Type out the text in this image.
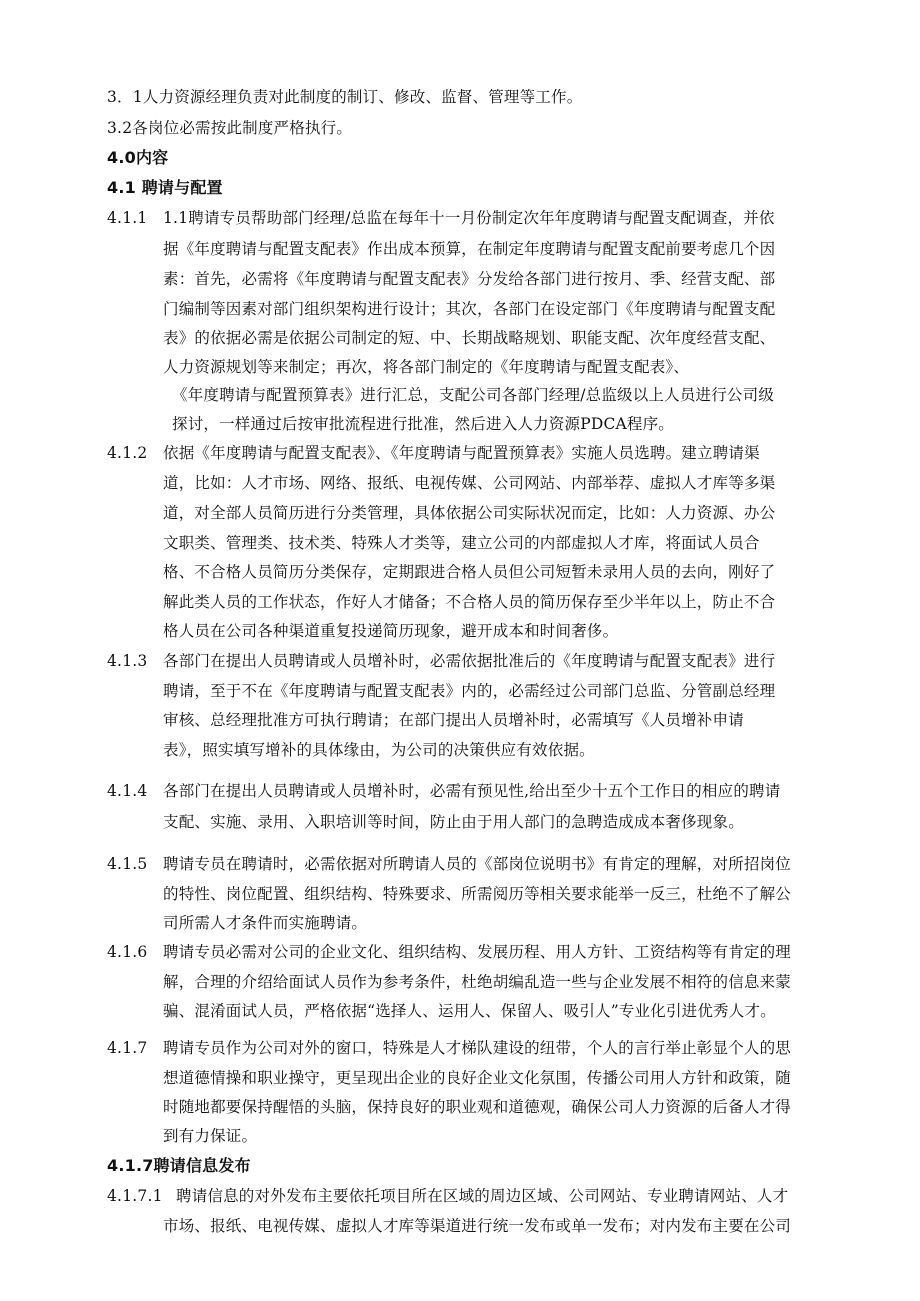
3．1人力资源经理负责对此制度的制订、修改、监督、管理等工作。
3.2各岗位必需按此制度严格执行。
4.0内容
4.1 聘请与配置
4.1.1 1.1聘请专员帮助部门经理/总监在每年十一月份制定次年年度聘请与配置支配调查，并依
据《年度聘请与配置支配表》作出成本预算，在制定年度聘请与配置支配前要考虑几个因
素：首先，必需将《年度聘请与配置支配表》分发给各部门进行按月、季、经营支配、部
门编制等因素对部门组织架构进行设计；其次，各部门在设定部门《年度聘请与配置支配
表》的依据必需是依据公司制定的短、中、长期战略规划、职能支配、次年度经营支配、
人力资源规划等来制定；再次，将各部门制定的《年度聘请与配置支配表》、
《年度聘请与配置预算表》进行汇总，支配公司各部门经理/总监级以上人员进行公司级
探讨，一样通过后按审批流程进行批准，然后进入人力资源PDCA程序。
4.1.2 依据《年度聘请与配置支配表》、《年度聘请与配置预算表》实施人员选聘。建立聘请渠
道，比如：人才市场、网络、报纸、电视传媒、公司网站、内部举荐、虚拟人才库等多渠
道，对全部人员简历进行分类管理，具体依据公司实际状况而定，比如：人力资源、办公
文职类、管理类、技术类、特殊人才类等，建立公司的内部虚拟人才库，将面试人员合
格、不合格人员简历分类保存，定期跟进合格人员但公司短暂未录用人员的去向，刚好了
解此类人员的工作状态，作好人才储备；不合格人员的简历保存至少半年以上，防止不合
格人员在公司各种渠道重复投递简历现象，避开成本和时间奢侈。
4.1.3 各部门在提出人员聘请或人员增补时，必需依据批准后的《年度聘请与配置支配表》进行
聘请，至于不在《年度聘请与配置支配表》内的，必需经过公司部门总监、分管副总经理
审核、总经理批准方可执行聘请；在部门提出人员增补时，必需填写《人员增补申请
表》，照实填写增补的具体缘由，为公司的决策供应有效依据。
4.1.4 各部门在提出人员聘请或人员增补时，必需有预见性,给出至少十五个工作日的相应的聘请
支配、实施、录用、入职培训等时间，防止由于用人部门的急聘造成成本奢侈现象。
4.1.5 聘请专员在聘请时，必需依据对所聘请人员的《部岗位说明书》有肯定的理解，对所招岗位
的特性、岗位配置、组织结构、特殊要求、所需阅历等相关要求能举一反三，杜绝不了解公
司所需人才条件而实施聘请。
4.1.6 聘请专员必需对公司的企业文化、组织结构、发展历程、用人方针、工资结构等有肯定的理
解，合理的介绍给面试人员作为参考条件，杜绝胡编乱造一些与企业发展不相符的信息来蒙
骗、混淆面试人员，严格依据“选择人、运用人、保留人、吸引人”专业化引进优秀人才。
4.1.7 聘请专员作为公司对外的窗口，特殊是人才梯队建设的纽带，个人的言行举止彰显个人的思
想道德情操和职业操守，更呈现出企业的良好企业文化氛围，传播公司用人方针和政策，随
时随地都要保持醒悟的头脑，保持良好的职业观和道德观，确保公司人力资源的后备人才得
到有力保证。
4.1.7聘请信息发布
4.1.7.1 聘请信息的对外发布主要依托项目所在区域的周边区域、公司网站、专业聘请网站、人才
市场、报纸、电视传媒、虚拟人才库等渠道进行统一发布或单一发布；对内发布主要在公司
